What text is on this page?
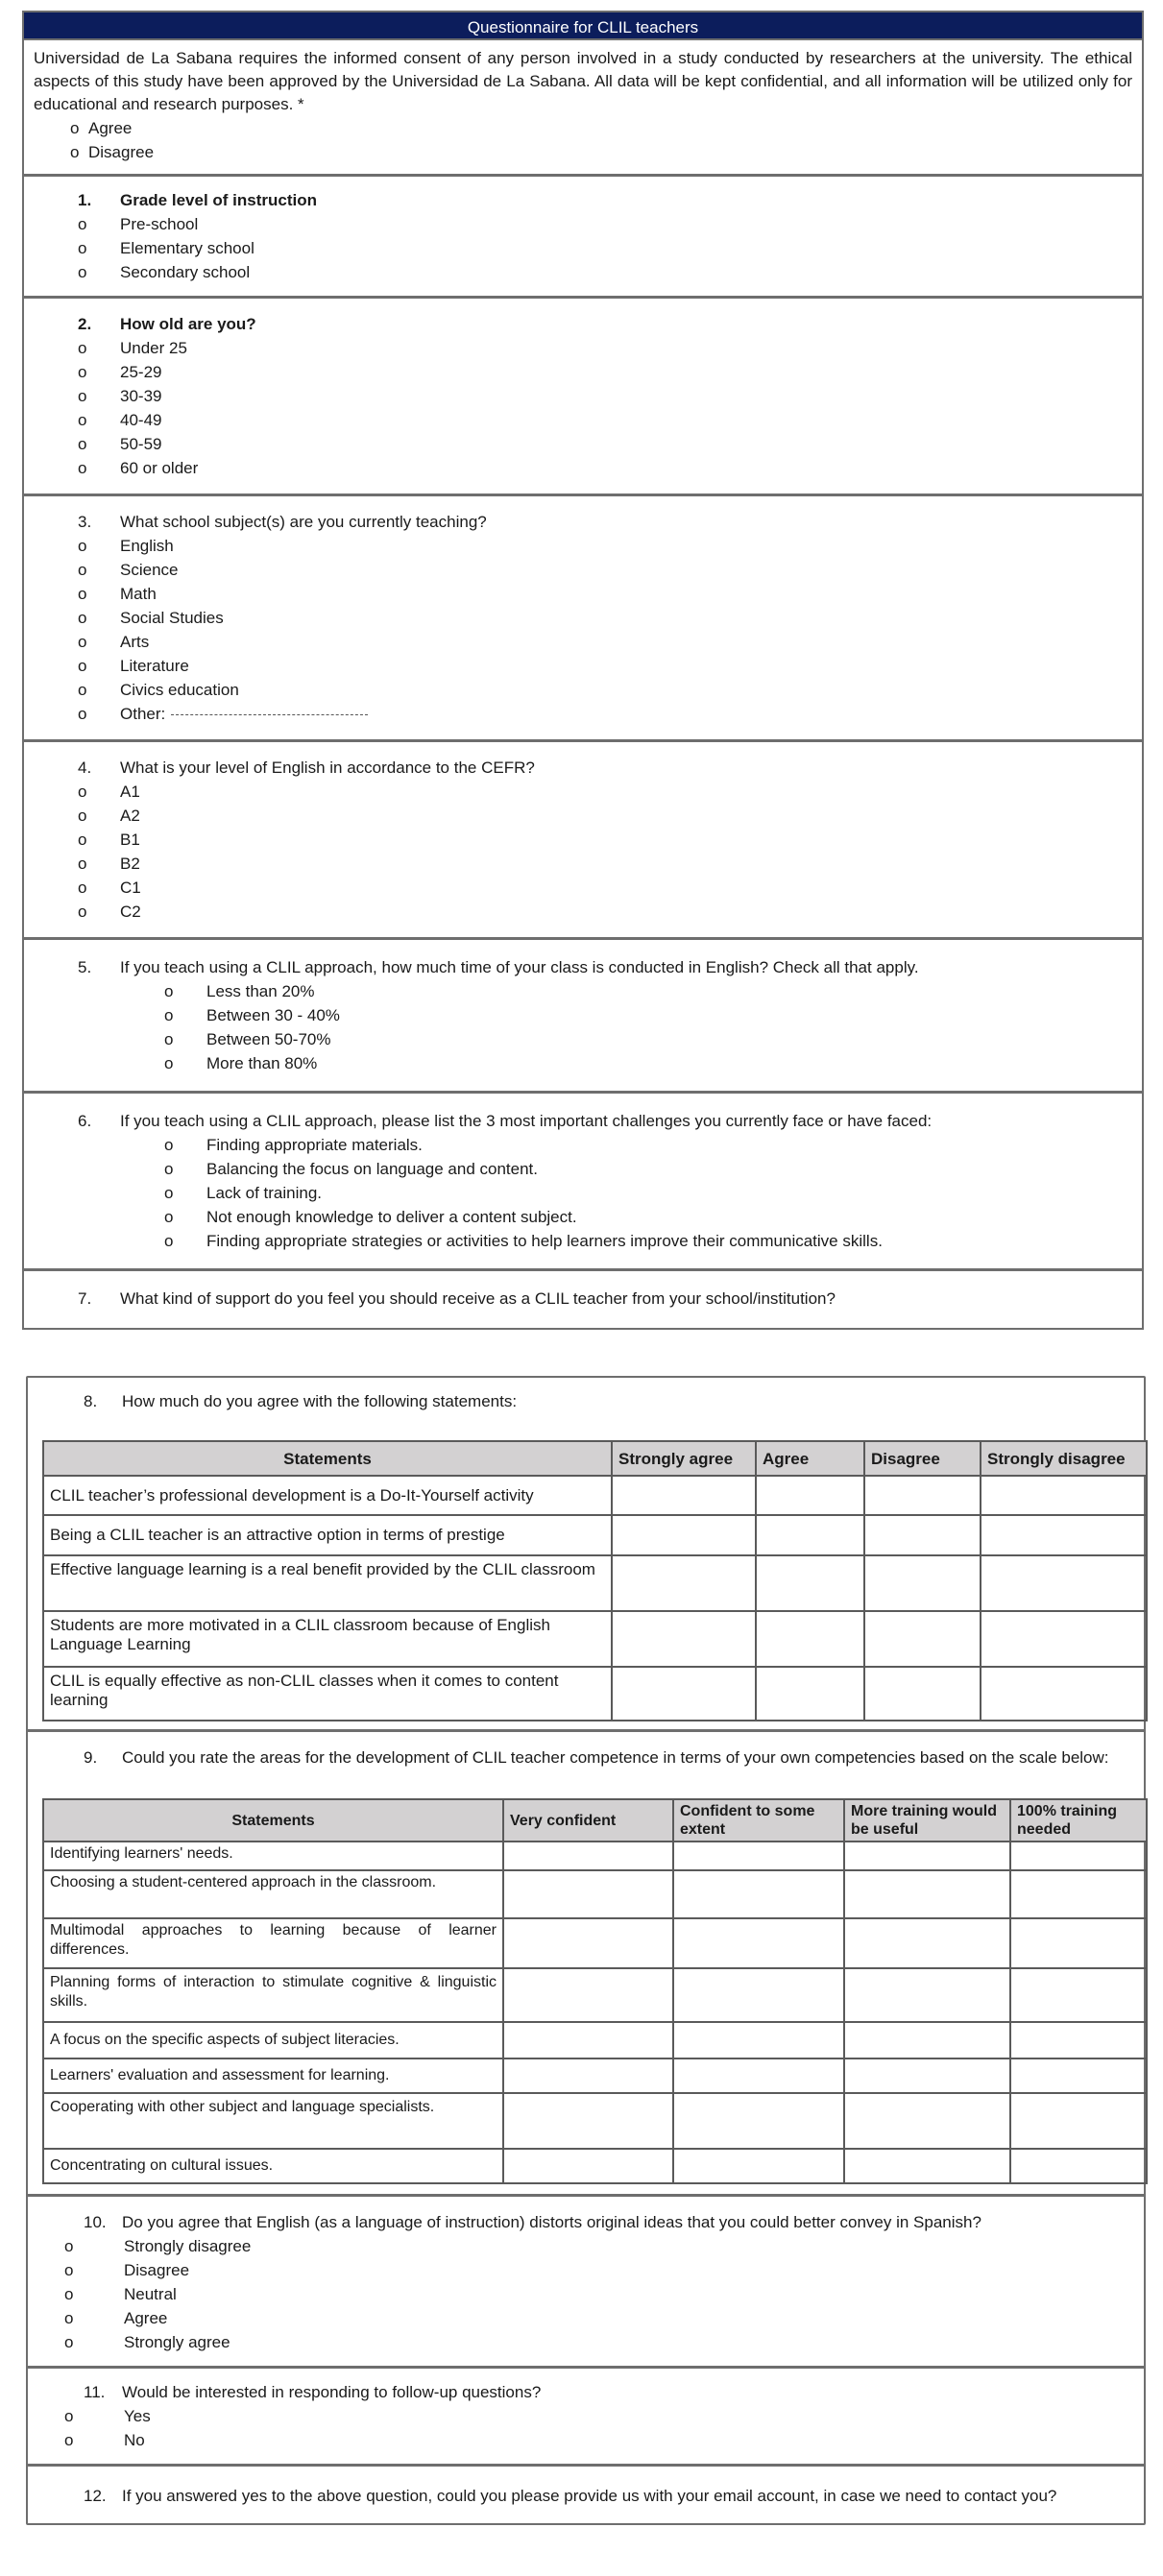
Questionnaire for CLIL teachers

Universidad de La Sabana requires the informed consent of any person involved in a study conducted by researchers at the university. The ethical aspects of this study have been approved by the Universidad de La Sabana. All data will be kept confidential, and all information will be utilized only for educational and research purposes. *

o Agree
o Disagree
1.	Grade level of instruction
o	Pre-school
o	Elementary school
o	Secondary school
2.	How old are you?
o	Under 25
o	25-29
o	30-39
o	40-49
o	50-59
o	60 or older
3.	What school subject(s) are you currently teaching?
o	English
o	Science
o	Math
o	Social Studies
o	Arts
o	Literature
o	Civics education
o	Other:
4.	What is your level of English in accordance to the CEFR?
o	A1
o	A2
o	B1
o	B2
o	C1
o	C2
5.	If you teach using a CLIL approach, how much time of your class is conducted in English? Check all that apply.
o	Less than 20%
o	Between 30 - 40%
o	Between 50-70%
o	More than 80%
6.	If you teach using a CLIL approach, please list the 3 most important challenges you currently face or have faced:
o	Finding appropriate materials.
o	Balancing the focus on language and content.
o	Lack of training.
o	Not enough knowledge to deliver a content subject.
o	Finding appropriate strategies or activities to help learners improve their communicative skills.
7.	What kind of support do you feel you should receive as a CLIL teacher from your school/institution?
8.	How much do you agree with the following statements:
Statements	Strongly agree	Agree	Disagree	Strongly disagree
CLIL teacher’s professional development is a Do-It-Yourself activity				
Being a CLIL teacher is an attractive option in terms of prestige				
Effective language learning is a real benefit provided by the CLIL classroom				
Students are more motivated in a CLIL classroom because of English Language Learning				
CLIL is equally effective as non-CLIL classes when it comes to content learning				
9.	Could you rate the areas for the development of CLIL teacher competence in terms of your own competencies based on the scale below:
Statements	Very confident	Confident to some extent	More training would be useful	100% training needed
Identifying learners' needs.				
Choosing a student-centered approach in the classroom.				
Multimodal approaches to learning because of learner differences.				
Planning forms of interaction to stimulate cognitive & linguistic skills.				
A focus on the specific aspects of subject literacies.				
Learners' evaluation and assessment for learning.				
Cooperating with other subject and language specialists.				
Concentrating on cultural issues.				
10. Do you agree that English (as a language of instruction) distorts original ideas that you could better convey in Spanish?
o	Strongly disagree
o	Disagree
o	Neutral
o	Agree
o	Strongly agree
11.	Would be interested in responding to follow-up questions?
o	Yes
o	No
12. If you answered yes to the above question, could you please provide us with your email account, in case we need to contact you?
